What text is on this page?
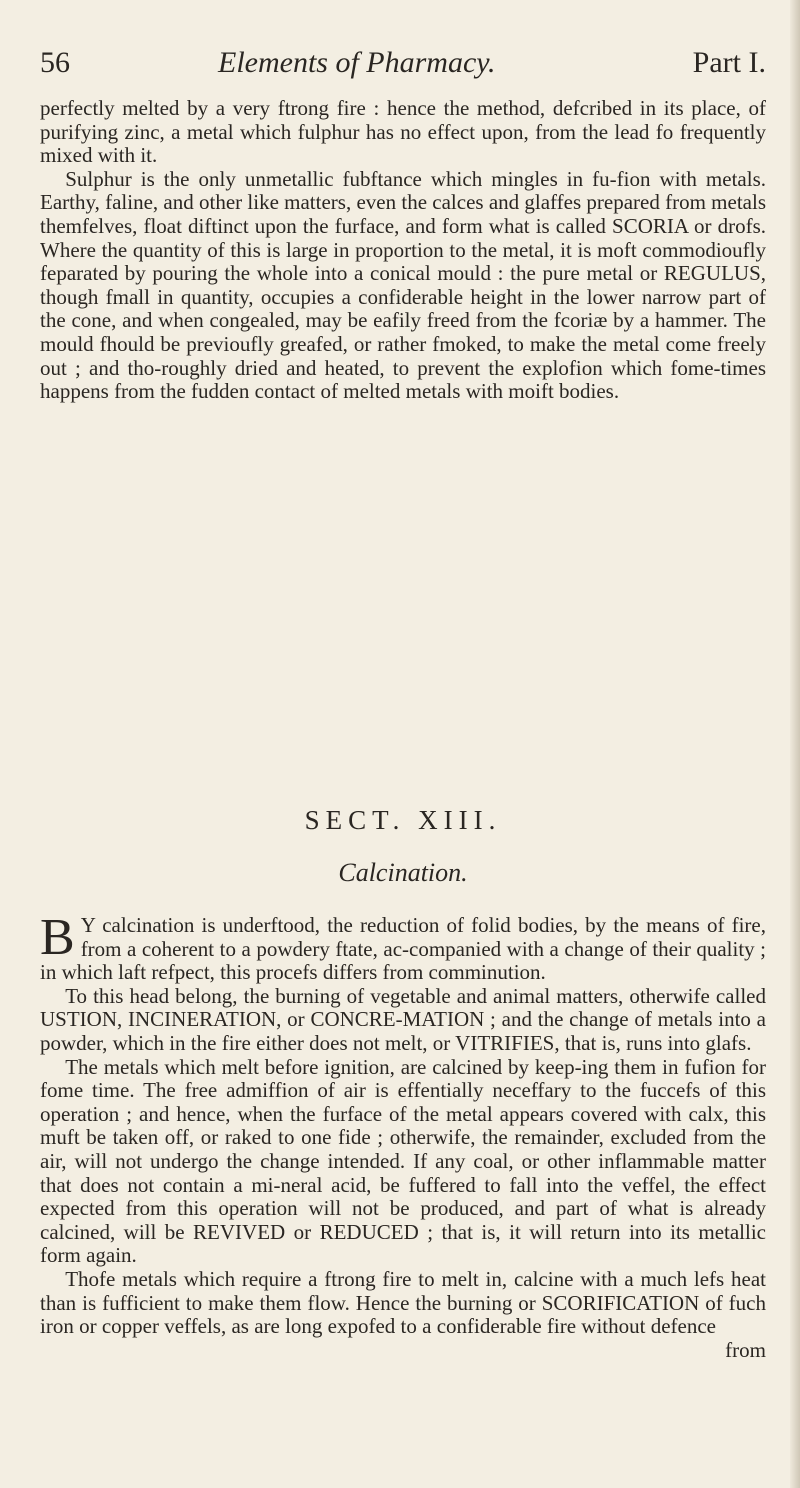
56	Elements of Pharmacy.	Part I.

perfectly melted by a very ftrong fire : hence the method, defcribed in its place, of purifying zinc, a metal which fulphur has no effect upon, from the lead fo frequently mixed with it.

Sulphur is the only unmetallic fubftance which mingles in fu-fion with metals. Earthy, faline, and other like matters, even the calces and glaffes prepared from metals themfelves, float diftinct upon the furface, and form what is called SCORIA or drofs. Where the quantity of this is large in proportion to the metal, it is moft commodioufly feparated by pouring the whole into a conical mould : the pure metal or REGULUS, though fmall in quantity, occupies a confiderable height in the lower narrow part of the cone, and when congealed, may be eafily freed from the fcoriæ by a hammer. The mould fhould be previoufly greafed, or rather fmoked, to make the metal come freely out ; and tho-roughly dried and heated, to prevent the explofion which fome-times happens from the fudden contact of melted metals with moift bodies.

SECT. XIII.
Calcination.

B Y calcination is underftood, the reduction of folid bodies, by the means of fire, from a coherent to a powdery ftate, ac-companied with a change of their quality ; in which laft refpect, this procefs differs from comminution.

To this head belong, the burning of vegetable and animal matters, otherwife called USTION, INCINERATION, or CONCRE-MATION ; and the change of metals into a powder, which in the fire either does not melt, or VITRIFIES, that is, runs into glafs.

The metals which melt before ignition, are calcined by keep-ing them in fufion for fome time. The free admiffion of air is effentially neceffary to the fuccefs of this operation ; and hence, when the furface of the metal appears covered with calx, this muft be taken off, or raked to one fide ; otherwife, the remainder, excluded from the air, will not undergo the change intended. If any coal, or other inflammable matter that does not contain a mi-neral acid, be fuffered to fall into the veffel, the effect expected from this operation will not be produced, and part of what is already calcined, will be REVIVED or REDUCED ; that is, it will return into its metallic form again.

Thofe metals which require a ftrong fire to melt in, calcine with a much lefs heat than is fufficient to make them flow. Hence the burning or SCORIFICATION of fuch iron or copper veffels, as are long expofed to a confiderable fire without defence

from
